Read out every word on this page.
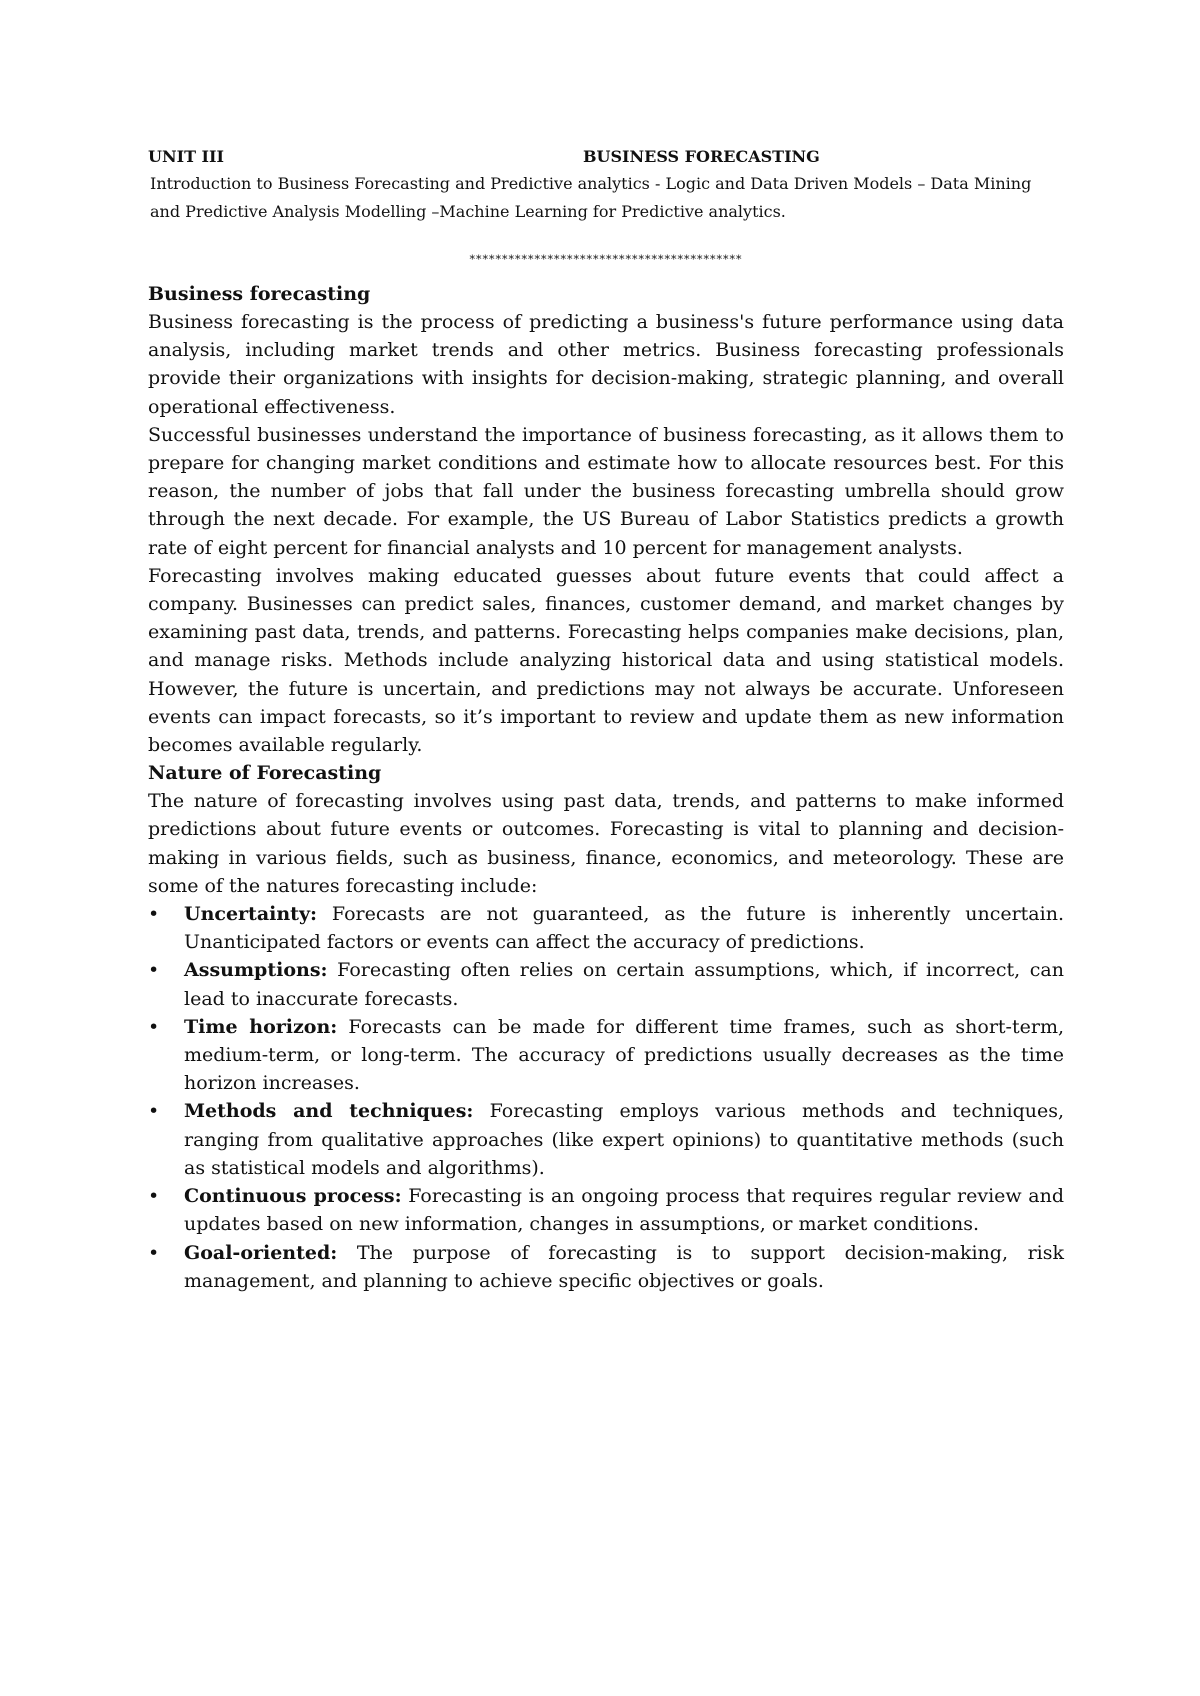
UNIT III	BUSINESS FORECASTING
Introduction to Business Forecasting and Predictive analytics - Logic and Data Driven Models – Data Mining and Predictive Analysis Modelling –Machine Learning for Predictive analytics.
******************************************
Business forecasting

Business forecasting is the process of predicting a business's future performance using data analysis, including market trends and other metrics. Business forecasting professionals provide their organizations with insights for decision-making, strategic planning, and overall operational effectiveness.

Successful businesses understand the importance of business forecasting, as it allows them to prepare for changing market conditions and estimate how to allocate resources best. For this reason, the number of jobs that fall under the business forecasting umbrella should grow through the next decade. For example, the US Bureau of Labor Statistics predicts a growth rate of eight percent for financial analysts and 10 percent for management analysts.

Forecasting involves making educated guesses about future events that could affect a company. Businesses can predict sales, finances, customer demand, and market changes by examining past data, trends, and patterns. Forecasting helps companies make decisions, plan, and manage risks. Methods include analyzing historical data and using statistical models. However, the future is uncertain, and predictions may not always be accurate. Unforeseen events can impact forecasts, so it’s important to review and update them as new information becomes available regularly.

Nature of Forecasting

The nature of forecasting involves using past data, trends, and patterns to make informed predictions about future events or outcomes. Forecasting is vital to planning and decision-making in various fields, such as business, finance, economics, and meteorology. These are some of the natures forecasting include:

• Uncertainty: Forecasts are not guaranteed, as the future is inherently uncertain. Unanticipated factors or events can affect the accuracy of predictions.
• Assumptions: Forecasting often relies on certain assumptions, which, if incorrect, can lead to inaccurate forecasts.
• Time horizon: Forecasts can be made for different time frames, such as short-term, medium-term, or long-term. The accuracy of predictions usually decreases as the time horizon increases.
• Methods and techniques: Forecasting employs various methods and techniques, ranging from qualitative approaches (like expert opinions) to quantitative methods (such as statistical models and algorithms).
• Continuous process: Forecasting is an ongoing process that requires regular review and updates based on new information, changes in assumptions, or market conditions.
• Goal-oriented: The purpose of forecasting is to support decision-making, risk management, and planning to achieve specific objectives or goals.
